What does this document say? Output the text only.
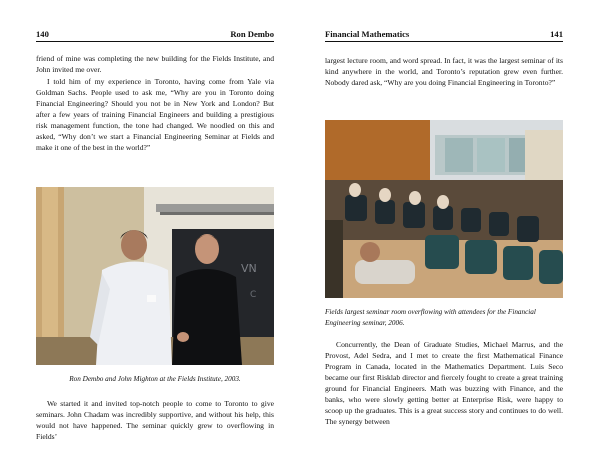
140	Ron Dembo

friend of mine was completing the new building for the Fields Institute, and John invited me over.

I told him of my experience in Toronto, having come from Yale via Goldman Sachs. People used to ask me, “Why are you in Toronto doing Financial Engineering? Should you not be in New York and London? But after a few years of training Financial Engineers and building a prestigious risk management function, the tone had changed. We noodled on this and asked, “Why don’t we start a Financial Engineering Seminar at Fields and make it one of the best in the world?”

VN
C

Ron Dembo and John Mighton at the Fields Institute, 2003.

We started it and invited top-notch people to come to Toronto to give seminars. John Chadam was incredibly supportive, and without his help, this would not have happened. The seminar quickly grew to overflowing in Fields’

Financial Mathematics	141

largest lecture room, and word spread. In fact, it was the largest seminar of its kind anywhere in the world, and Toronto’s reputation grew even further. Nobody dared ask, “Why are you doing Financial Engineering in Toronto?”

Fields largest seminar room overflowing with attendees for the Financial Engineering seminar, 2006.

Concurrently, the Dean of Graduate Studies, Michael Marrus, and the Provost, Adel Sedra, and I met to create the first Mathematical Finance Program in Canada, located in the Mathematics Department. Luis Seco became our first Risklab director and fiercely fought to create a great training ground for Financial Engineers. Math was buzzing with Finance, and the banks, who were slowly getting better at Enterprise Risk, were happy to scoop up the graduates. This is a great success story and continues to do well. The synergy between
